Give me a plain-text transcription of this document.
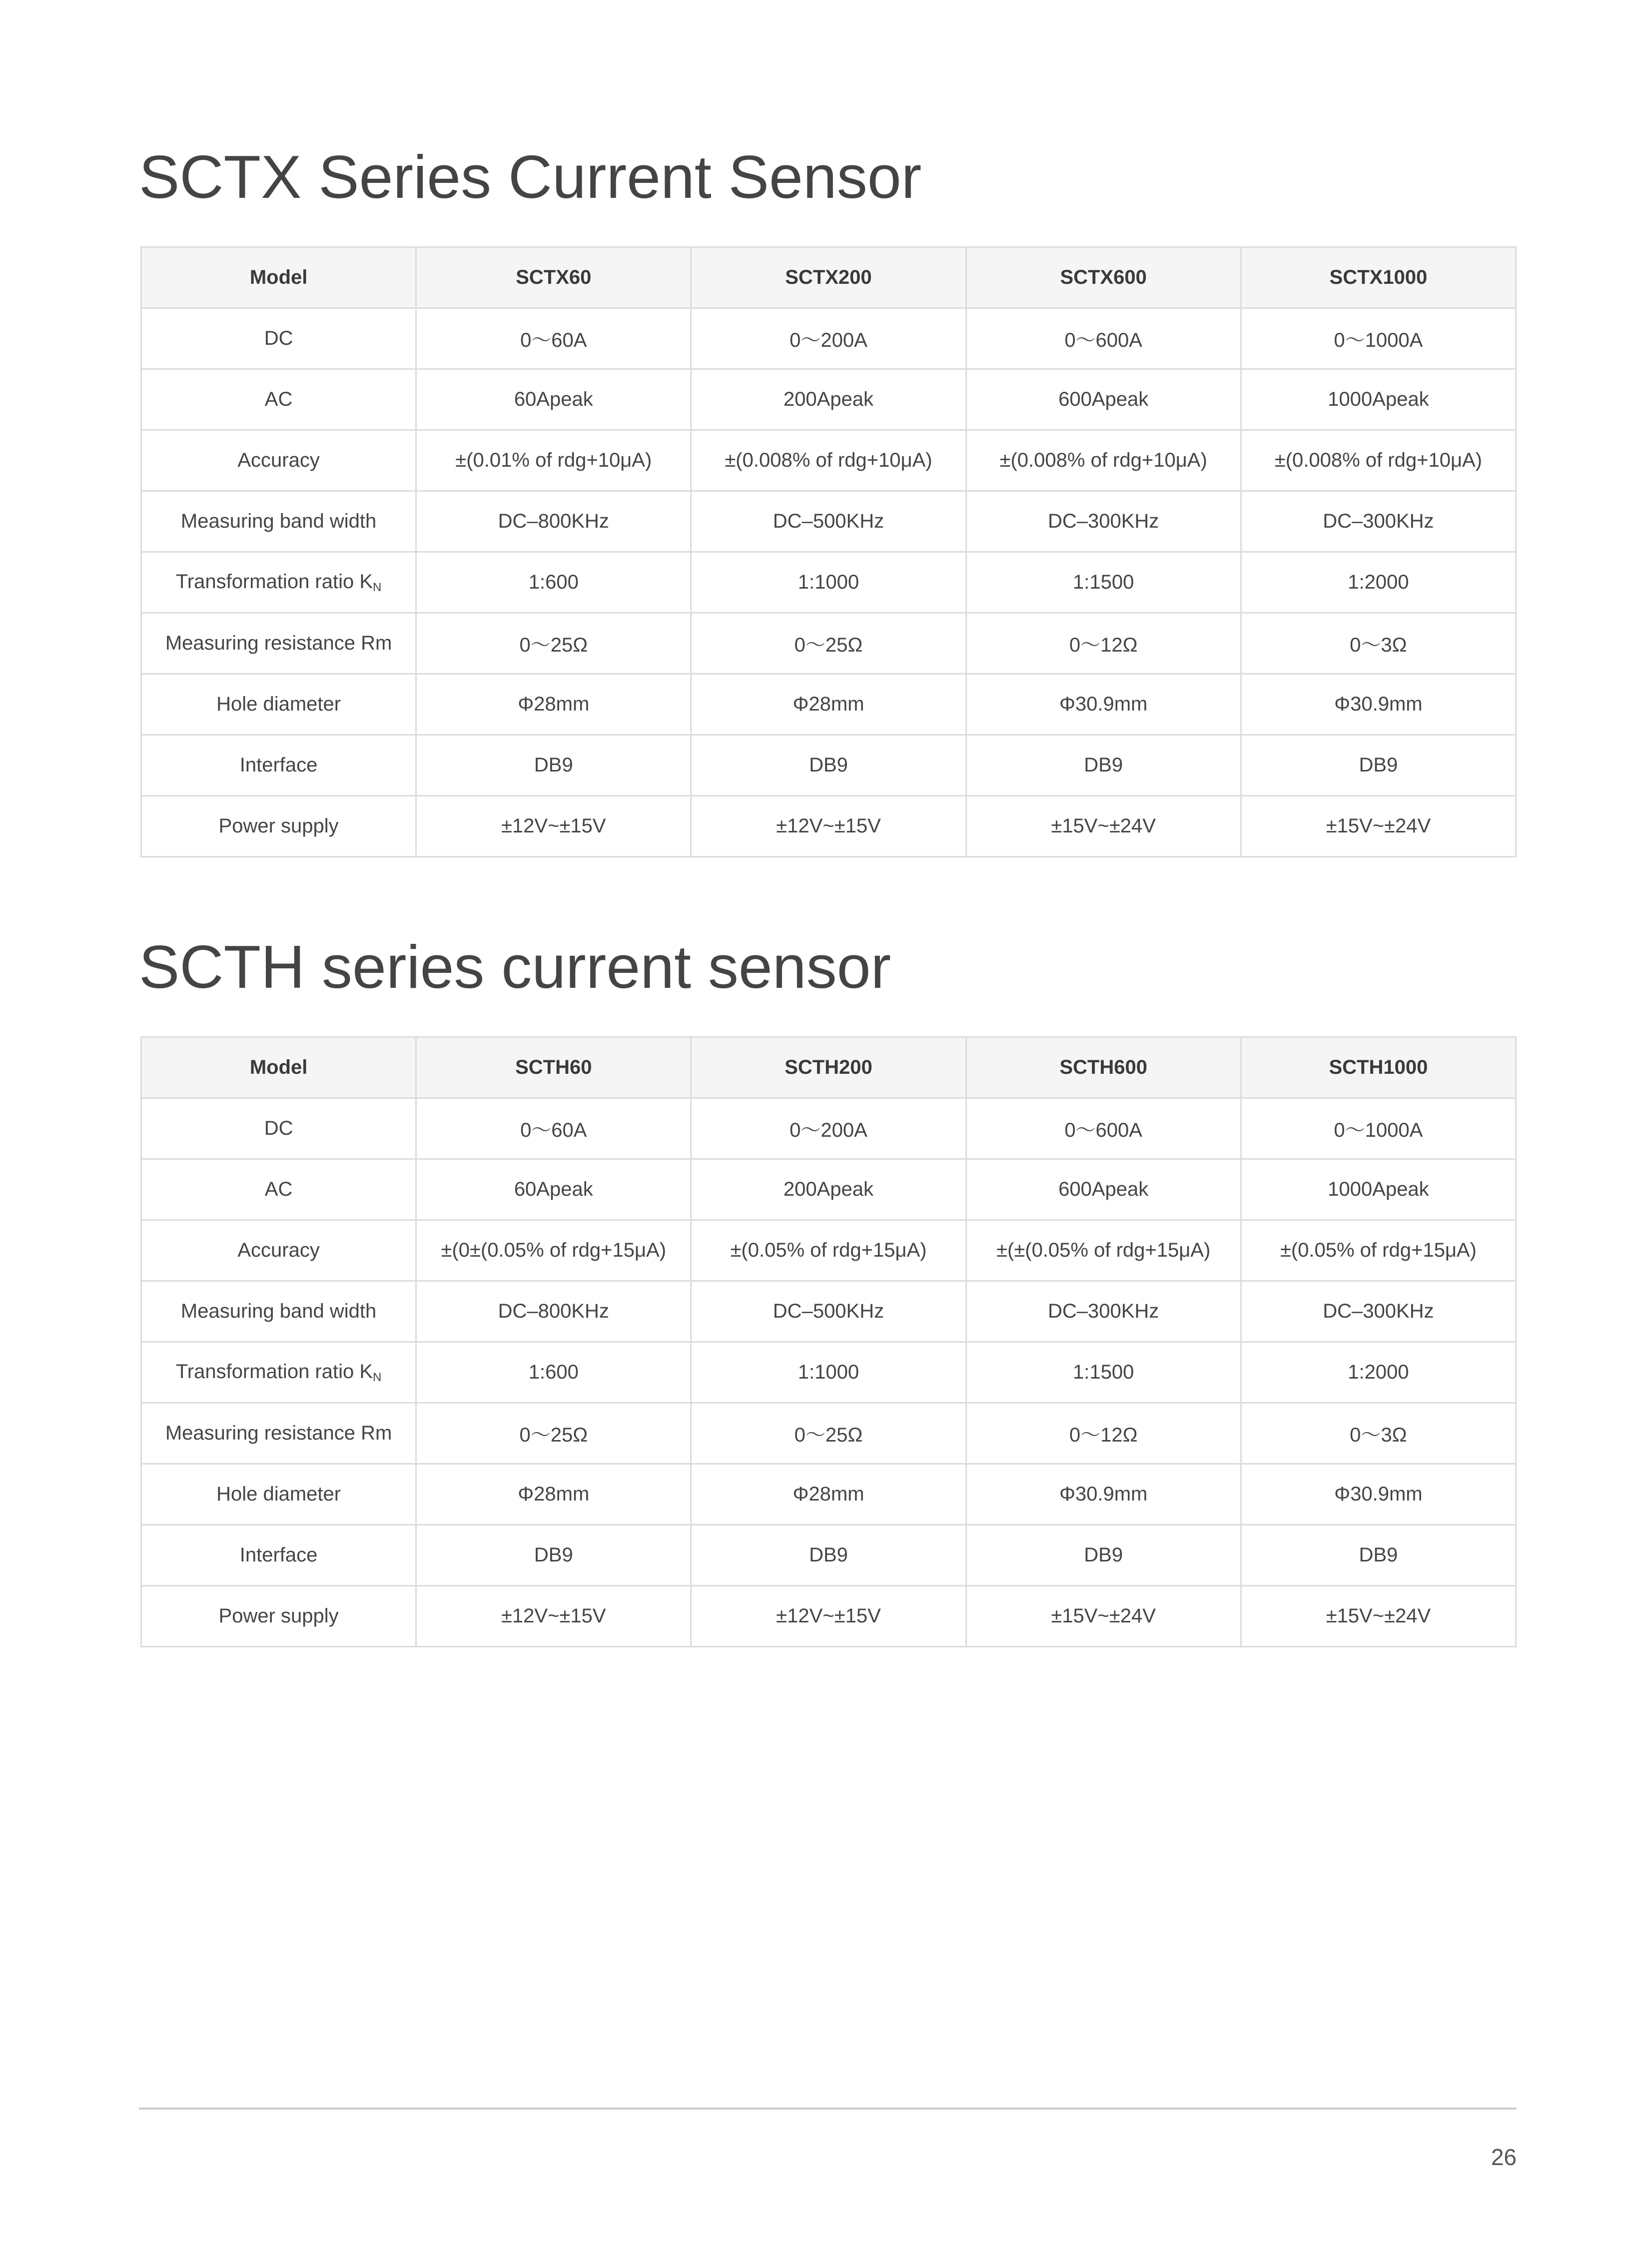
SCTX Series Current Sensor
Model	SCTX60	SCTX200	SCTX600	SCTX1000
DC	0～60A	0～200A	0～600A	0～1000A
AC	60Apeak	200Apeak	600Apeak	1000Apeak
Accuracy	±(0.01% of rdg+10μA)	±(0.008% of rdg+10μA)	±(0.008% of rdg+10μA)	±(0.008% of rdg+10μA)
Measuring band width	DC–800KHz	DC–500KHz	DC–300KHz	DC–300KHz
Transformation ratio $K_N$	1:600	1:1000	1:1500	1:2000
Measuring resistance Rm	0～25Ω	0～25Ω	0～12Ω	0～3Ω
Hole diameter	Φ28mm	Φ28mm	Φ30.9mm	Φ30.9mm
Interface	DB9	DB9	DB9	DB9
Power supply	±12V~±15V	±12V~±15V	±15V~±24V	±15V~±24V
SCTH series current sensor
Model	SCTH60	SCTH200	SCTH600	SCTH1000
DC	0～60A	0～200A	0～600A	0～1000A
AC	60Apeak	200Apeak	600Apeak	1000Apeak
Accuracy	±(0±(0.05% of rdg+15μA)	±(0.05% of rdg+15μA)	±(±(0.05% of rdg+15μA)	±(0.05% of rdg+15μA)
Measuring band width	DC–800KHz	DC–500KHz	DC–300KHz	DC–300KHz
Transformation ratio $K_N$	1:600	1:1000	1:1500	1:2000
Measuring resistance Rm	0～25Ω	0～25Ω	0～12Ω	0～3Ω
Hole diameter	Φ28mm	Φ28mm	Φ30.9mm	Φ30.9mm
Interface	DB9	DB9	DB9	DB9
Power supply	±12V~±15V	±12V~±15V	±15V~±24V	±15V~±24V
26
